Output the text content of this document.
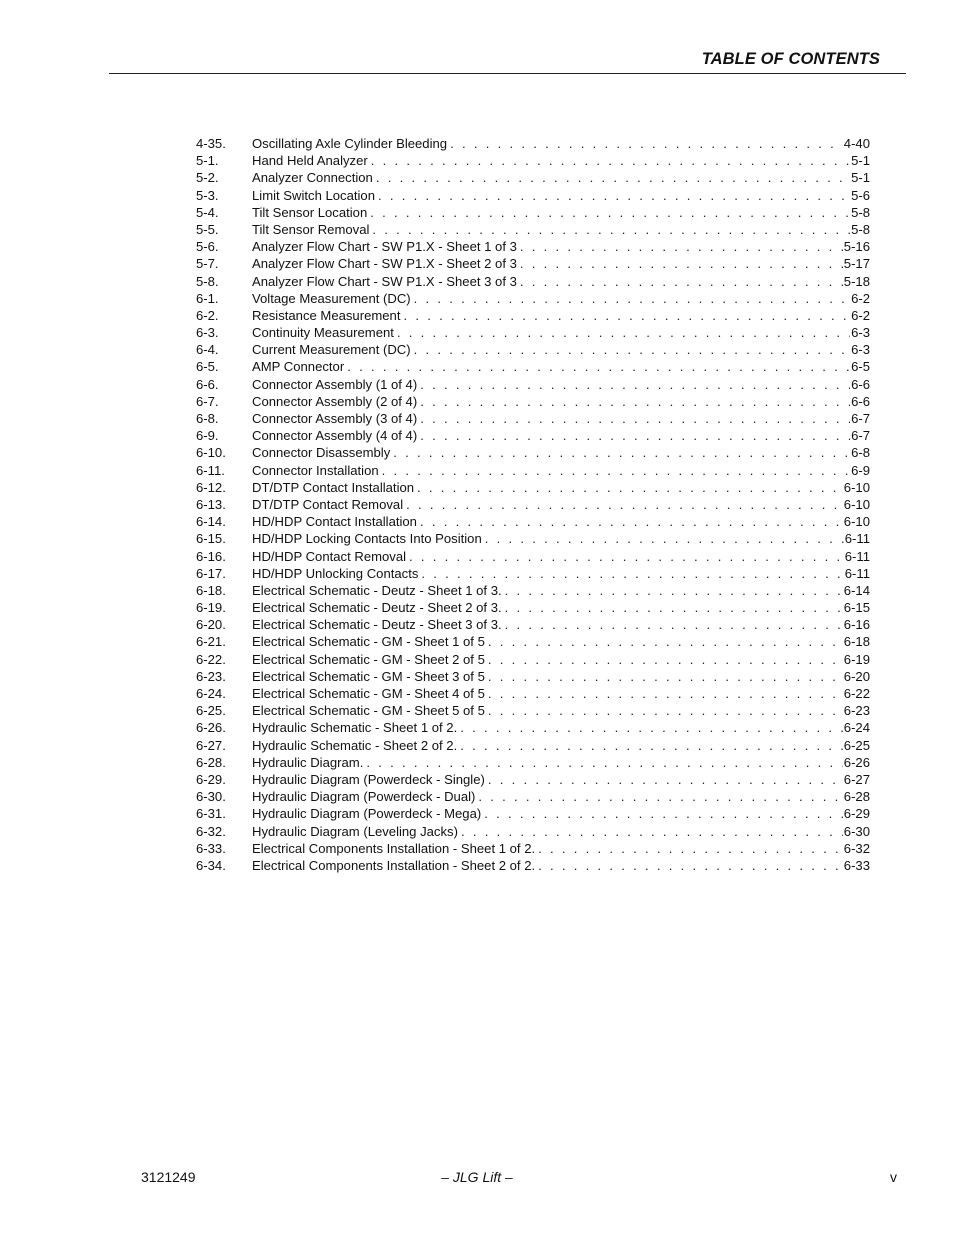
TABLE OF CONTENTS
4-35.	Oscillating Axle Cylinder Bleeding . . .	4-40
5-1.	Hand Held Analyzer . . .	5-1
5-2.	Analyzer Connection . . .	5-1
5-3.	Limit Switch Location . . .	5-6
5-4.	Tilt Sensor Location . . .	5-8
5-5.	Tilt Sensor Removal . . .	5-8
5-6.	Analyzer Flow Chart - SW P1.X - Sheet 1 of 3 . . .	5-16
5-7.	Analyzer Flow Chart - SW P1.X - Sheet 2 of 3 . . .	5-17
5-8.	Analyzer Flow Chart - SW P1.X - Sheet 3 of 3 . . .	5-18
6-1.	Voltage Measurement (DC) . . .	6-2
6-2.	Resistance Measurement . . .	6-2
6-3.	Continuity Measurement . . .	6-3
6-4.	Current Measurement (DC) . . .	6-3
6-5.	AMP Connector . . .	6-5
6-6.	Connector Assembly (1 of 4) . . .	6-6
6-7.	Connector Assembly (2 of 4) . . .	6-6
6-8.	Connector Assembly (3 of 4) . . .	6-7
6-9.	Connector Assembly (4 of 4) . . .	6-7
6-10.	Connector Disassembly . . .	6-8
6-11.	Connector Installation . . .	6-9
6-12.	DT/DTP Contact Installation . . .	6-10
6-13.	DT/DTP Contact Removal . . .	6-10
6-14.	HD/HDP Contact Installation . . .	6-10
6-15.	HD/HDP Locking Contacts Into Position . . .	6-11
6-16.	HD/HDP Contact Removal . . .	6-11
6-17.	HD/HDP Unlocking Contacts . . .	6-11
6-18.	Electrical Schematic - Deutz - Sheet 1 of 3. . . .	6-14
6-19.	Electrical Schematic - Deutz - Sheet 2 of 3. . . .	6-15
6-20.	Electrical Schematic - Deutz - Sheet 3 of 3. . . .	6-16
6-21.	Electrical Schematic - GM - Sheet 1 of 5 . . .	6-18
6-22.	Electrical Schematic - GM - Sheet 2 of 5 . . .	6-19
6-23.	Electrical Schematic - GM - Sheet 3 of 5 . . .	6-20
6-24.	Electrical Schematic - GM - Sheet 4 of 5 . . .	6-22
6-25.	Electrical Schematic - GM - Sheet 5 of 5 . . .	6-23
6-26.	Hydraulic Schematic - Sheet 1 of 2. . . .	6-24
6-27.	Hydraulic Schematic - Sheet 2 of 2. . . .	6-25
6-28.	Hydraulic Diagram. . . .	6-26
6-29.	Hydraulic Diagram (Powerdeck - Single) . . .	6-27
6-30.	Hydraulic Diagram (Powerdeck - Dual) . . .	6-28
6-31.	Hydraulic Diagram (Powerdeck - Mega) . . .	6-29
6-32.	Hydraulic Diagram (Leveling Jacks) . . .	6-30
6-33.	Electrical Components Installation - Sheet 1 of 2. . . .	6-32
6-34.	Electrical Components Installation - Sheet 2 of 2. . . .	6-33
3121249	– JLG Lift –	v
